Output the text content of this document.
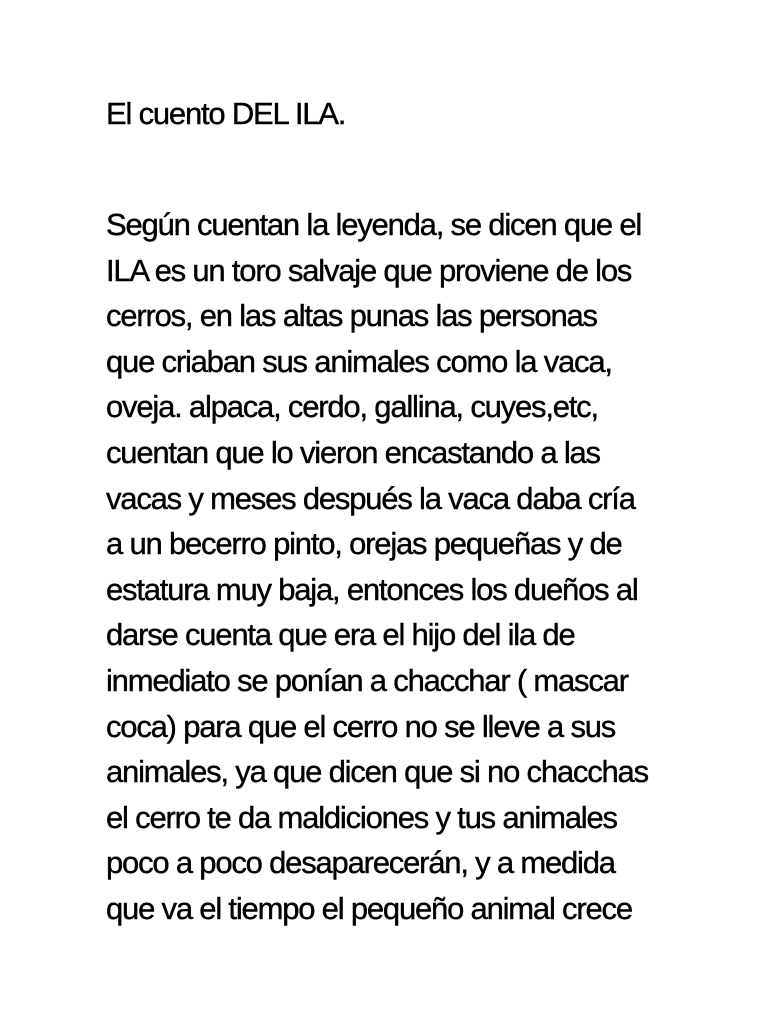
El cuento DEL ILA.
Según cuentan la leyenda, se dicen que el
ILA es un toro salvaje que proviene de los
cerros, en las altas punas las personas
que criaban sus animales como la vaca,
oveja. alpaca, cerdo, gallina, cuyes,etc,
cuentan que lo vieron encastando a las
vacas y meses después la vaca daba cría
a un becerro pinto, orejas pequeñas y de
estatura muy baja, entonces los dueños al
darse cuenta que era el hijo del ila de
inmediato se ponían a chacchar ( mascar
coca) para que el cerro no se lleve a sus
animales, ya que dicen que si no chacchas
el cerro te da maldiciones y tus animales
poco a poco desaparecerán, y a medida
que va el tiempo el pequeño animal crece
